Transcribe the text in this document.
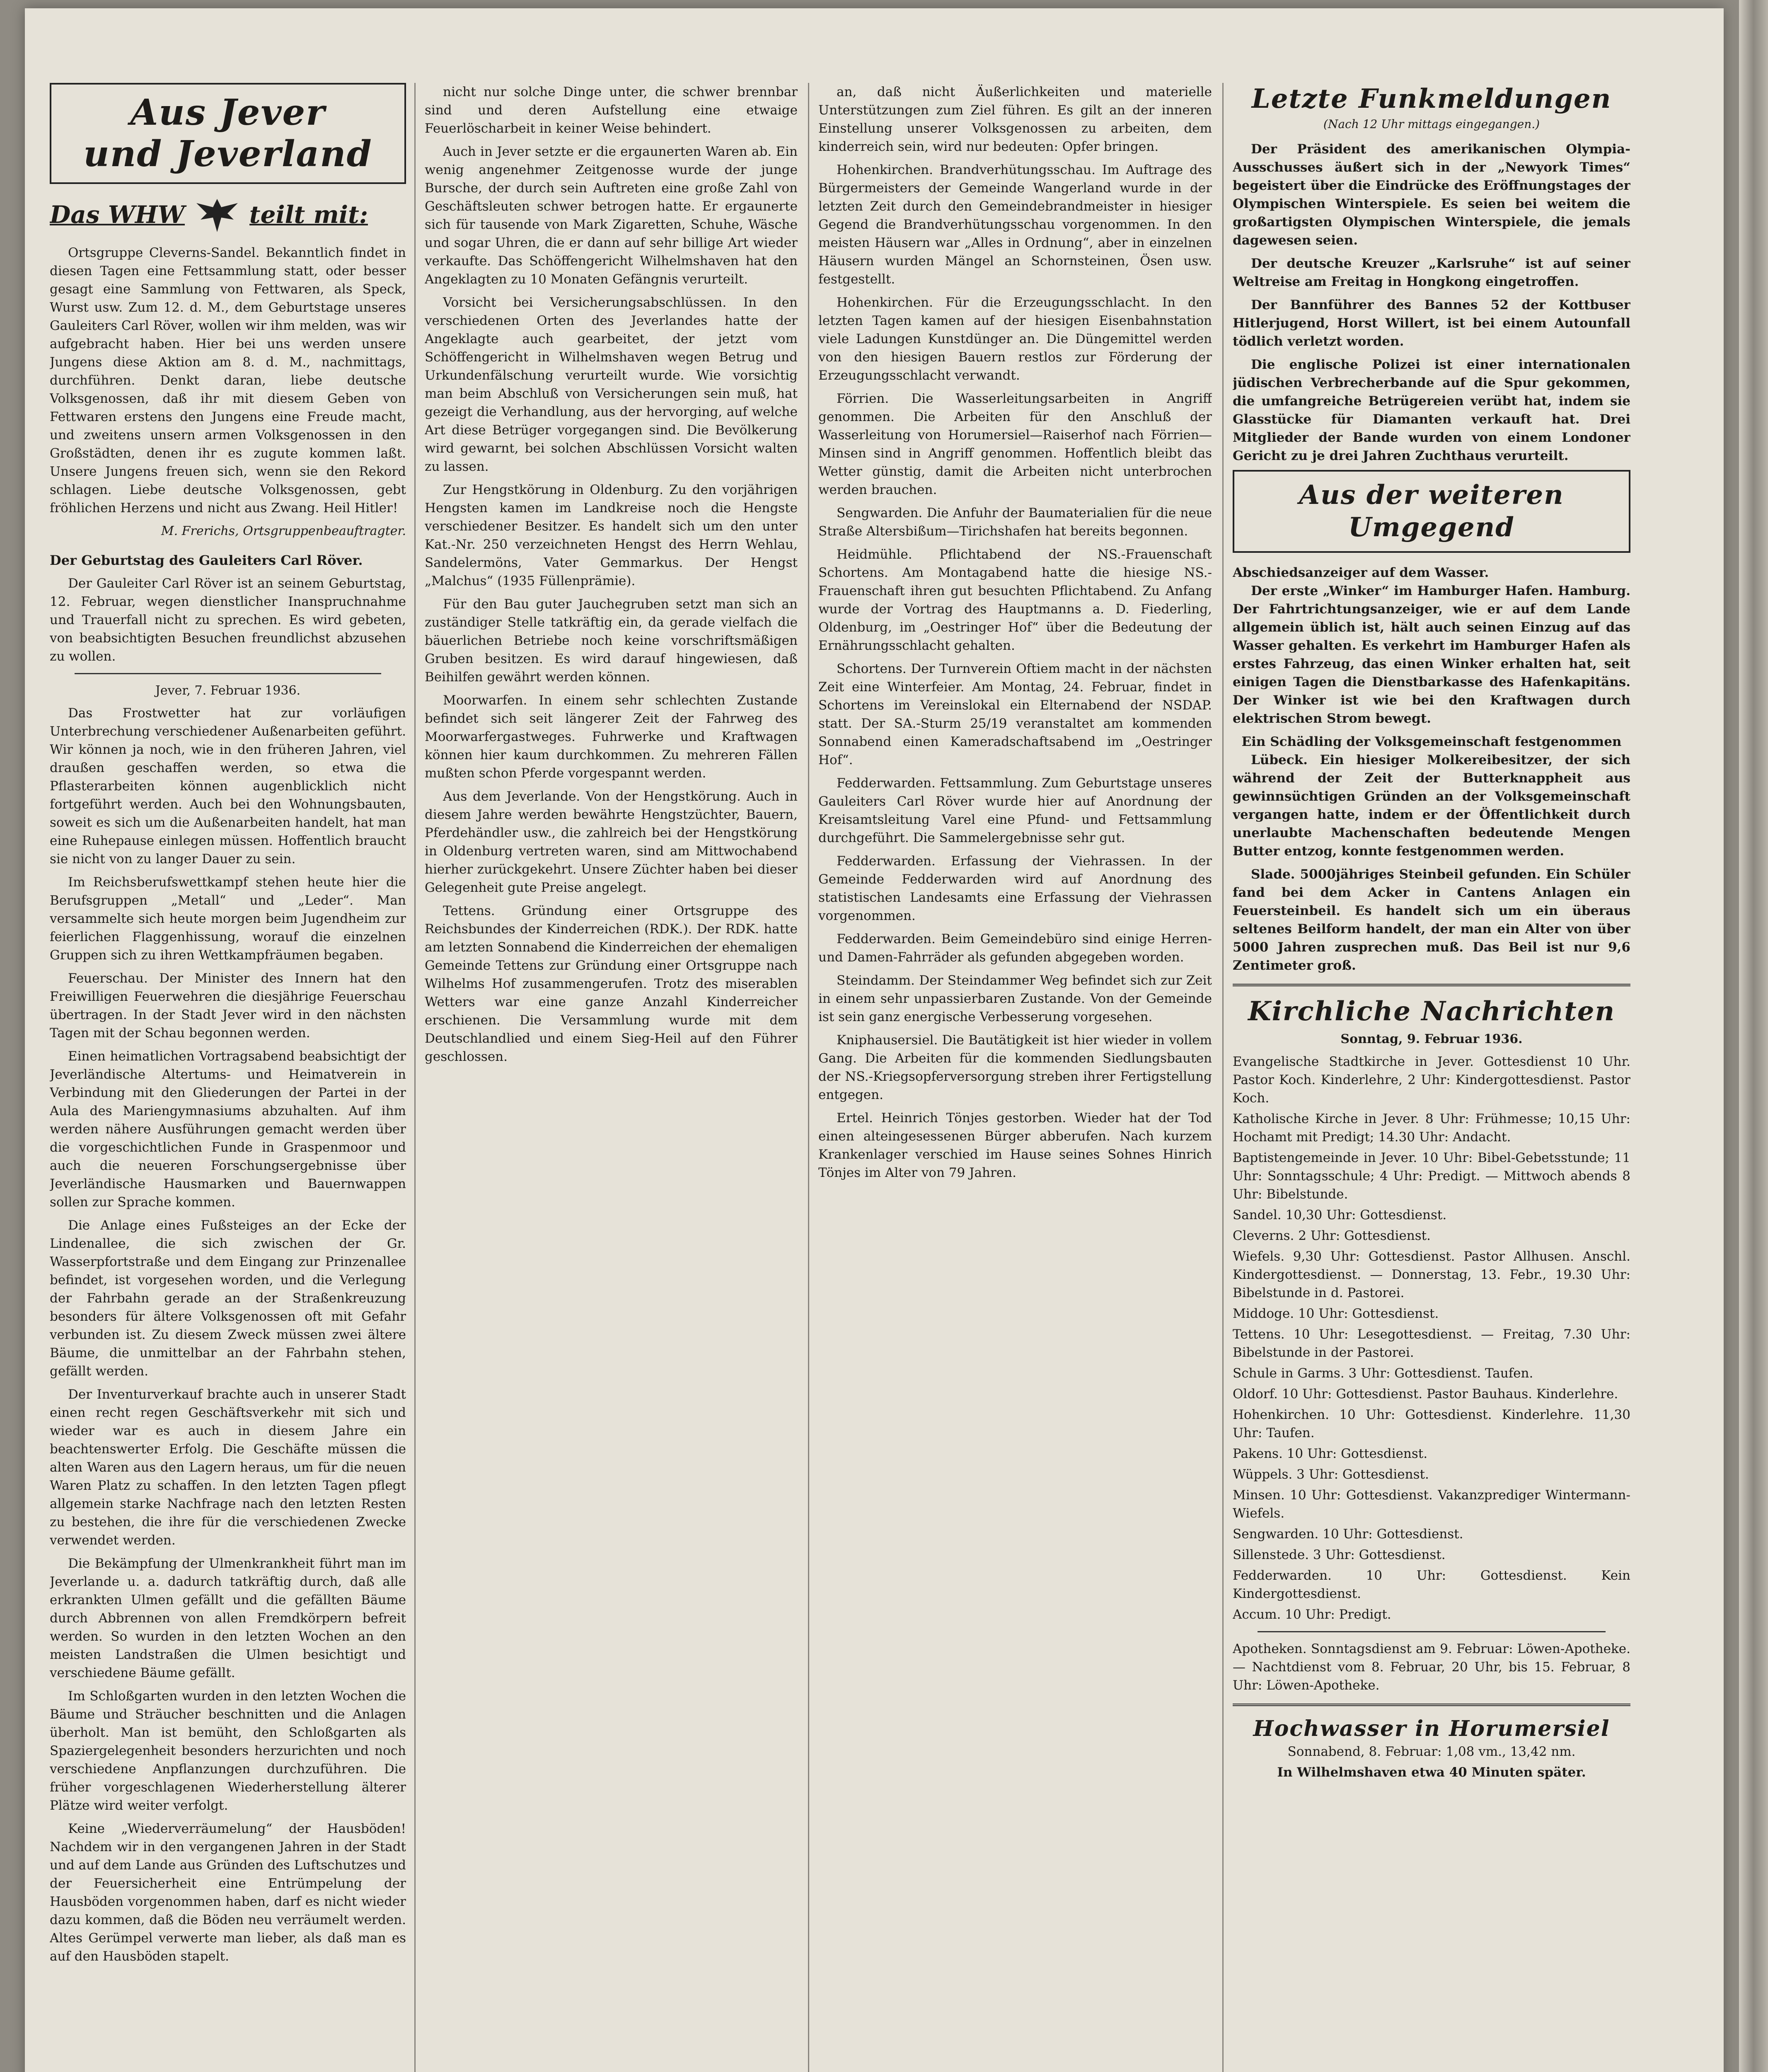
Aus Jever
und Jeverland
Das WHW	teilt mit:

Ortsgruppe Cleverns-Sandel. Bekanntlich findet in diesen Tagen eine Fettsammlung statt, oder besser gesagt eine Sammlung von Fettwaren, als Speck, Wurst usw. Zum 12. d. M., dem Geburtstage unseres Gauleiters Carl Röver, wollen wir ihm melden, was wir aufgebracht haben. Hier bei uns werden unsere Jungens diese Aktion am 8. d. M., nachmittags, durchführen. Denkt daran, liebe deutsche Volksgenossen, daß ihr mit diesem Geben von Fettwaren erstens den Jungens eine Freude macht, und zweitens unsern armen Volksgenossen in den Großstädten, denen ihr es zugute kommen laßt. Unsere Jungens freuen sich, wenn sie den Rekord schlagen. Liebe deutsche Volksgenossen, gebt fröhlichen Herzens und nicht aus Zwang. Heil Hitler!

M. Frerichs, Ortsgruppenbeauftragter.
Der Geburtstag des Gauleiters Carl Röver.

Der Gauleiter Carl Röver ist an seinem Geburtstag, 12. Februar, wegen dienstlicher Inanspruchnahme und Trauerfall nicht zu sprechen. Es wird gebeten, von beabsichtigten Besuchen freundlichst abzusehen zu wollen.

Jever, 7. Februar 1936.

Das Frostwetter hat zur vorläufigen Unterbrechung verschiedener Außenarbeiten geführt. Wir können ja noch, wie in den früheren Jahren, viel draußen geschaffen werden, so etwa die Pflasterarbeiten können augenblicklich nicht fortgeführt werden. Auch bei den Wohnungsbauten, soweit es sich um die Außenarbeiten handelt, hat man eine Ruhepause einlegen müssen. Hoffentlich braucht sie nicht von zu langer Dauer zu sein.

Im Reichsberufswettkampf stehen heute hier die Berufsgruppen „Metall“ und „Leder“. Man versammelte sich heute morgen beim Jugendheim zur feierlichen Flaggenhissung, worauf die einzelnen Gruppen sich zu ihren Wettkampfräumen begaben.

Feuerschau. Der Minister des Innern hat den Freiwilligen Feuerwehren die diesjährige Feuerschau übertragen. In der Stadt Jever wird in den nächsten Tagen mit der Schau begonnen werden.

Einen heimatlichen Vortragsabend beabsichtigt der Jeverländische Altertums- und Heimatverein in Verbindung mit den Gliederungen der Partei in der Aula des Mariengymnasiums abzuhalten. Auf ihm werden nähere Ausführungen gemacht werden über die vorgeschichtlichen Funde in Graspenmoor und auch die neueren Forschungsergebnisse über Jeverländische Hausmarken und Bauernwappen sollen zur Sprache kommen.

Die Anlage eines Fußsteiges an der Ecke der Lindenallee, die sich zwischen der Gr. Wasserpfortstraße und dem Eingang zur Prinzenallee befindet, ist vorgesehen worden, und die Verlegung der Fahrbahn gerade an der Straßenkreuzung besonders für ältere Volksgenossen oft mit Gefahr verbunden ist. Zu diesem Zweck müssen zwei ältere Bäume, die unmittelbar an der Fahrbahn stehen, gefällt werden.

Der Inventurverkauf brachte auch in unserer Stadt einen recht regen Geschäftsverkehr mit sich und wieder war es auch in diesem Jahre ein beachtenswerter Erfolg. Die Geschäfte müssen die alten Waren aus den Lagern heraus, um für die neuen Waren Platz zu schaffen. In den letzten Tagen pflegt allgemein starke Nachfrage nach den letzten Resten zu bestehen, die ihre für die verschiedenen Zwecke verwendet werden.

Die Bekämpfung der Ulmenkrankheit führt man im Jeverlande u. a. dadurch tatkräftig durch, daß alle erkrankten Ulmen gefällt und die gefällten Bäume durch Abbrennen von allen Fremdkörpern befreit werden. So wurden in den letzten Wochen an den meisten Landstraßen die Ulmen besichtigt und verschiedene Bäume gefällt.

Im Schloßgarten wurden in den letzten Wochen die Bäume und Sträucher beschnitten und die Anlagen überholt. Man ist bemüht, den Schloßgarten als Spaziergelegenheit besonders herzurichten und noch verschiedene Anpflanzungen durchzuführen. Die früher vorgeschlagenen Wiederherstellung älterer Plätze wird weiter verfolgt.

Keine „Wiederverräumelung“ der Hausböden! Nachdem wir in den vergangenen Jahren in der Stadt und auf dem Lande aus Gründen des Luftschutzes und der Feuersicherheit eine Entrümpelung der Hausböden vorgenommen haben, darf es nicht wieder dazu kommen, daß die Böden neu verräumelt werden. Altes Gerümpel verwerte man lieber, als daß man es auf den Hausböden stapelt.

nicht nur solche Dinge unter, die schwer brennbar sind und deren Aufstellung eine etwaige Feuerlöscharbeit in keiner Weise behindert.

Auch in Jever setzte er die ergaunerten Waren ab. Ein wenig angenehmer Zeitgenosse wurde der junge Bursche, der durch sein Auftreten eine große Zahl von Geschäftsleuten schwer betrogen hatte. Er ergaunerte sich für tausende von Mark Zigaretten, Schuhe, Wäsche und sogar Uhren, die er dann auf sehr billige Art wieder verkaufte. Das Schöffengericht Wilhelmshaven hat den Angeklagten zu 10 Monaten Gefängnis verurteilt.

Vorsicht bei Versicherungsabschlüssen. In den verschiedenen Orten des Jeverlandes hatte der Angeklagte auch gearbeitet, der jetzt vom Schöffengericht in Wilhelmshaven wegen Betrug und Urkundenfälschung verurteilt wurde. Wie vorsichtig man beim Abschluß von Versicherungen sein muß, hat gezeigt die Verhandlung, aus der hervorging, auf welche Art diese Betrüger vorgegangen sind. Die Bevölkerung wird gewarnt, bei solchen Abschlüssen Vorsicht walten zu lassen.

Zur Hengstkörung in Oldenburg. Zu den vorjährigen Hengsten kamen im Landkreise noch die Hengste verschiedener Besitzer. Es handelt sich um den unter Kat.-Nr. 250 verzeichneten Hengst des Herrn Wehlau, Sandelermöns, Vater Gemmarkus. Der Hengst „Malchus“ (1935 Füllenprämie).

Für den Bau guter Jauchegruben setzt man sich an zuständiger Stelle tatkräftig ein, da gerade vielfach die bäuerlichen Betriebe noch keine vorschriftsmäßigen Gruben besitzen. Es wird darauf hingewiesen, daß Beihilfen gewährt werden können.

Moorwarfen. In einem sehr schlechten Zustande befindet sich seit längerer Zeit der Fahrweg des Moorwarfergastweges. Fuhrwerke und Kraftwagen können hier kaum durchkommen. Zu mehreren Fällen mußten schon Pferde vorgespannt werden.

Aus dem Jeverlande. Von der Hengstkörung. Auch in diesem Jahre werden bewährte Hengstzüchter, Bauern, Pferdehändler usw., die zahlreich bei der Hengstkörung in Oldenburg vertreten waren, sind am Mittwochabend hierher zurückgekehrt. Unsere Züchter haben bei dieser Gelegenheit gute Preise angelegt.

Tettens. Gründung einer Ortsgruppe des Reichsbundes der Kinderreichen (RDK.). Der RDK. hatte am letzten Sonnabend die Kinderreichen der ehemaligen Gemeinde Tettens zur Gründung einer Ortsgruppe nach Wilhelms Hof zusammengerufen. Trotz des miserablen Wetters war eine ganze Anzahl Kinderreicher erschienen. Die Versammlung wurde mit dem Deutschlandlied und einem Sieg-Heil auf den Führer geschlossen.

an, daß nicht Äußerlichkeiten und materielle Unterstützungen zum Ziel führen. Es gilt an der inneren Einstellung unserer Volksgenossen zu arbeiten, dem kinderreich sein, wird nur bedeuten: Opfer bringen.

Hohenkirchen. Brandverhütungsschau. Im Auftrage des Bürgermeisters der Gemeinde Wangerland wurde in der letzten Zeit durch den Gemeindebrandmeister in hiesiger Gegend die Brandverhütungsschau vorgenommen. In den meisten Häusern war „Alles in Ordnung“, aber in einzelnen Häusern wurden Mängel an Schornsteinen, Ösen usw. festgestellt.

Hohenkirchen. Für die Erzeugungsschlacht. In den letzten Tagen kamen auf der hiesigen Eisenbahnstation viele Ladungen Kunstdünger an. Die Düngemittel werden von den hiesigen Bauern restlos zur Förderung der Erzeugungsschlacht verwandt.

Förrien. Die Wasserleitungsarbeiten in Angriff genommen. Die Arbeiten für den Anschluß der Wasserleitung von Horumersiel—Raiserhof nach Förrien—Minsen sind in Angriff genommen. Hoffentlich bleibt das Wetter günstig, damit die Arbeiten nicht unterbrochen werden brauchen.

Sengwarden. Die Anfuhr der Baumaterialien für die neue Straße Altersbißum—Tirichshafen hat bereits begonnen.

Heidmühle. Pflichtabend der NS.-Frauenschaft Schortens. Am Montagabend hatte die hiesige NS.-Frauenschaft ihren gut besuchten Pflichtabend. Zu Anfang wurde der Vortrag des Hauptmanns a. D. Fiederling, Oldenburg, im „Oestringer Hof“ über die Bedeutung der Ernährungsschlacht gehalten.

Schortens. Der Turnverein Oftiem macht in der nächsten Zeit eine Winterfeier. Am Montag, 24. Februar, findet in Schortens im Vereinslokal ein Elternabend der NSDAP. statt. Der SA.-Sturm 25/19 veranstaltet am kommenden Sonnabend einen Kameradschaftsabend im „Oestringer Hof“.

Fedderwarden. Fettsammlung. Zum Geburtstage unseres Gauleiters Carl Röver wurde hier auf Anordnung der Kreisamtsleitung Varel eine Pfund- und Fettsammlung durchgeführt. Die Sammelergebnisse sehr gut.

Fedderwarden. Erfassung der Viehrassen. In der Gemeinde Fedderwarden wird auf Anordnung des statistischen Landesamts eine Erfassung der Viehrassen vorgenommen.

Fedderwarden. Beim Gemeindebüro sind einige Herren- und Damen-Fahrräder als gefunden abgegeben worden.

Steindamm. Der Steindammer Weg befindet sich zur Zeit in einem sehr unpassierbaren Zustande. Von der Gemeinde ist sein ganz energische Verbesserung vorgesehen.

Kniphausersiel. Die Bautätigkeit ist hier wieder in vollem Gang. Die Arbeiten für die kommenden Siedlungsbauten der NS.-Kriegsopferversorgung streben ihrer Fertigstellung entgegen.

Ertel. Heinrich Tönjes gestorben. Wieder hat der Tod einen alteingesessenen Bürger abberufen. Nach kurzem Krankenlager verschied im Hause seines Sohnes Hinrich Tönjes im Alter von 79 Jahren.

Letzte Funkmeldungen
(Nach 12 Uhr mittags eingegangen.)

Der Präsident des amerikanischen Olympia-Ausschusses äußert sich in der „Newyork Times“ begeistert über die Eindrücke des Eröffnungstages der Olympischen Winterspiele. Es seien bei weitem die großartigsten Olympischen Winterspiele, die jemals dagewesen seien.

Der deutsche Kreuzer „Karlsruhe“ ist auf seiner Weltreise am Freitag in Hongkong eingetroffen.

Der Bannführer des Bannes 52 der Kottbuser Hitlerjugend, Horst Willert, ist bei einem Autounfall tödlich verletzt worden.

Die englische Polizei ist einer internationalen jüdischen Verbrecherbande auf die Spur gekommen, die umfangreiche Betrügereien verübt hat, indem sie Glasstücke für Diamanten verkauft hat. Drei Mitglieder der Bande wurden von einem Londoner Gericht zu je drei Jahren Zuchthaus verurteilt.

Aus der weiteren
Umgegend
Abschiedsanzeiger auf dem Wasser.

Der erste „Winker“ im Hamburger Hafen. Hamburg. Der Fahrtrichtungsanzeiger, wie er auf dem Lande allgemein üblich ist, hält auch seinen Einzug auf das Wasser gehalten. Es verkehrt im Hamburger Hafen als erstes Fahrzeug, das einen Winker erhalten hat, seit einigen Tagen die Dienstbarkasse des Hafenkapitäns. Der Winker ist wie bei den Kraftwagen durch elektrischen Strom bewegt.

Ein Schädling der Volksgemeinschaft festgenommen

Lübeck. Ein hiesiger Molkereibesitzer, der sich während der Zeit der Butterknappheit aus gewinnsüchtigen Gründen an der Volksgemeinschaft vergangen hatte, indem er der Öffentlichkeit durch unerlaubte Machenschaften bedeutende Mengen Butter entzog, konnte festgenommen werden.

Slade. 5000jähriges Steinbeil gefunden. Ein Schüler fand bei dem Acker in Cantens Anlagen ein Feuersteinbeil. Es handelt sich um ein überaus seltenes Beilform handelt, der man ein Alter von über 5000 Jahren zusprechen muß. Das Beil ist nur 9,6 Zentimeter groß.

Kirchliche Nachrichten
Sonntag, 9. Februar 1936.

Evangelische Stadtkirche in Jever. Gottesdienst 10 Uhr. Pastor Koch. Kinderlehre, 2 Uhr: Kindergottesdienst. Pastor Koch.

Katholische Kirche in Jever. 8 Uhr: Frühmesse; 10,15 Uhr: Hochamt mit Predigt; 14.30 Uhr: Andacht.

Baptistengemeinde in Jever. 10 Uhr: Bibel-Gebetsstunde; 11 Uhr: Sonntagsschule; 4 Uhr: Predigt. — Mittwoch abends 8 Uhr: Bibelstunde.

Sandel. 10,30 Uhr: Gottesdienst.

Cleverns. 2 Uhr: Gottesdienst.

Wiefels. 9,30 Uhr: Gottesdienst. Pastor Allhusen. Anschl. Kindergottesdienst. — Donnerstag, 13. Febr., 19.30 Uhr: Bibelstunde in d. Pastorei.

Middoge. 10 Uhr: Gottesdienst.

Tettens. 10 Uhr: Lesegottesdienst. — Freitag, 7.30 Uhr: Bibelstunde in der Pastorei.

Schule in Garms. 3 Uhr: Gottesdienst. Taufen.

Oldorf. 10 Uhr: Gottesdienst. Pastor Bauhaus. Kinderlehre.

Hohenkirchen. 10 Uhr: Gottesdienst. Kinderlehre. 11,30 Uhr: Taufen.

Pakens. 10 Uhr: Gottesdienst.

Wüppels. 3 Uhr: Gottesdienst.

Minsen. 10 Uhr: Gottesdienst. Vakanzprediger Wintermann-Wiefels.

Sengwarden. 10 Uhr: Gottesdienst.

Sillenstede. 3 Uhr: Gottesdienst.

Fedderwarden. 10 Uhr: Gottesdienst. Kein Kindergottesdienst.

Accum. 10 Uhr: Predigt.

Apotheken. Sonntagsdienst am 9. Februar: Löwen-Apotheke. — Nachtdienst vom 8. Februar, 20 Uhr, bis 15. Februar, 8 Uhr: Löwen-Apotheke.

Hochwasser in Horumersiel

Sonnabend, 8. Februar: 1,08 vm., 13,42 nm.

In Wilhelmshaven etwa 40 Minuten später.
